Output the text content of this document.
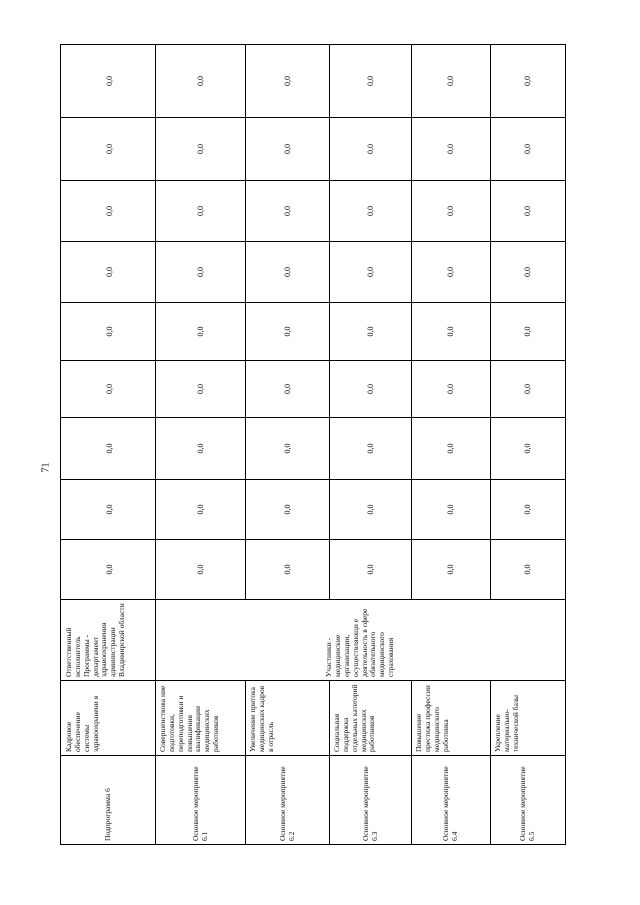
71
Подпрограмма 6	Кадровое обеспечение системы здравоохранени я	Ответственный исполнитель Программы - департамент здравоохранения администрации Владимирской области	0,0	0,0	0,0	0,0	0,0	0,0	0,0	0,0	0,0
Основное мероприятие 6.1	Совершенствова ние подготовки, переподготовки и повышения квалификации медицинских работников	Участники - медицинские организации, осуществляющи е деятельность в сфере обязательного медицинского страхования	0,0	0,0	0,0	0,0	0,0	0,0	0,0	0,0	0,0
Основное мероприятие 6.2	Увеличение притока медицинских кадров в отрасль		0,0	0,0	0,0	0,0	0,0	0,0	0,0	0,0	0,0
Основное мероприятие 6.3	Социальная поддержка отдельных категорий медицинских работников		0,0	0,0	0,0	0,0	0,0	0,0	0,0	0,0	0,0
Основное мероприятие 6.4	Повышение престижа профессии медицинского работника		0,0	0,0	0,0	0,0	0,0	0,0	0,0	0,0	0,0
Основное мероприятие 6.5	Укрепление материально-технической базы		0,0	0,0	0,0	0,0	0,0	0,0	0,0	0,0	0,0
